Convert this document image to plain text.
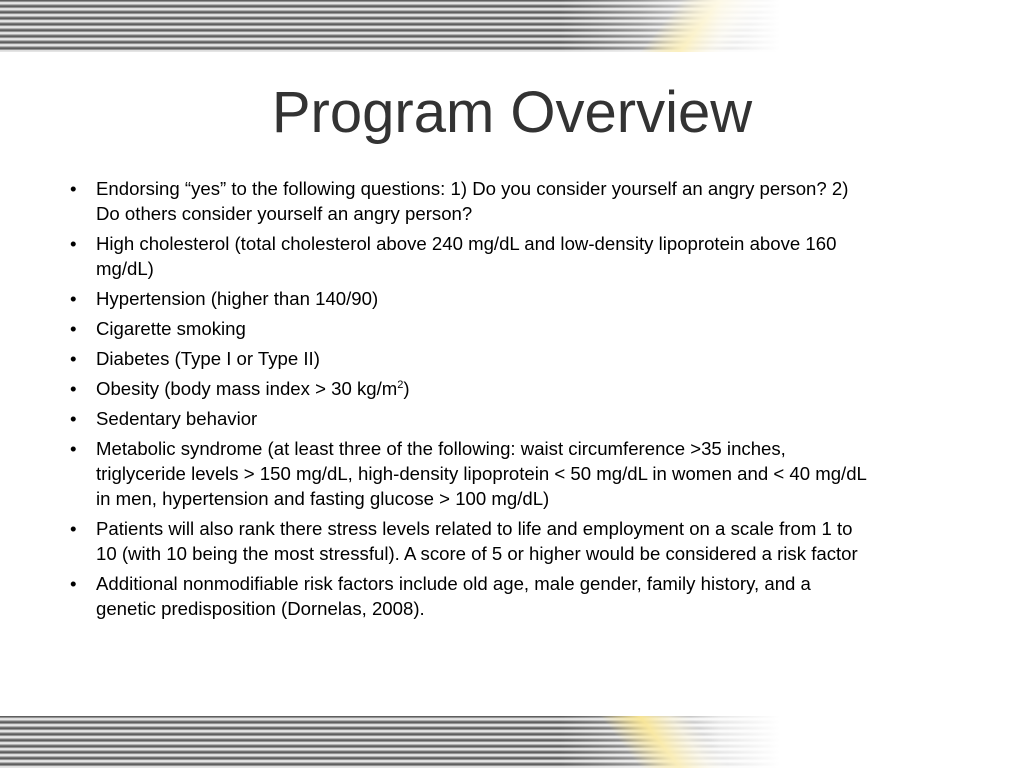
Program Overview
•	Endorsing “yes” to the following questions: 1) Do you consider yourself an angry person? 2) Do others consider yourself an angry person?
•	High cholesterol (total cholesterol above 240 mg/dL and low-density lipoprotein above 160 mg/dL)
•	Hypertension (higher than 140/90)
•	Cigarette smoking
•	Diabetes (Type I or Type II)
•	Obesity (body mass index > 30 $kg/m^2$)
•	Sedentary behavior
•	Metabolic syndrome (at least three of the following: waist circumference >35 inches, triglyceride levels > 150 mg/dL, high-density lipoprotein < 50 mg/dL in women and < 40 mg/dL in men, hypertension and fasting glucose > 100 mg/dL)
•	Patients will also rank there stress levels related to life and employment on a scale from 1 to 10 (with 10 being the most stressful). A score of 5 or higher would be considered a risk factor
•	Additional nonmodifiable risk factors include old age, male gender, family history, and a genetic predisposition (Dornelas, 2008).
